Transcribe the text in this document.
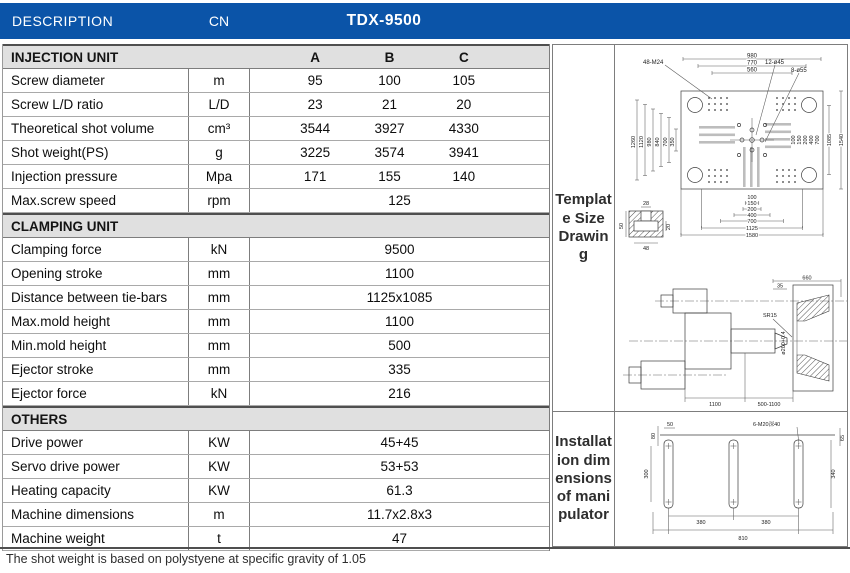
DESCRIPTION	CN	TDX-9500
INJECTION UNIT	A	B	C
Screw diameter	m	95	100	105
Screw L/D ratio	L/D	23	21	20
Theoretical shot volume	cm³	3544	3927	4330
Shot weight(PS)	g	3225	3574	3941
Injection pressure	Mpa	171	155	140
Max.screw speed	rpm	125
CLAMPING UNIT
Clamping force	kN	9500
Opening stroke	mm	1100
Distance between tie-bars	mm	1125x1085
Max.mold height	mm	1100
Min.mold height	mm	500
Ejector stroke	mm	335
Ejector force	kN	216
OTHERS
Drive power	KW	45+45
Servo drive power	KW	53+53
Heating capacity	KW	61.3
Machine dimensions	m	11.7x2.8x3
Machine weight	t	47
Template Size Drawing
980
770
560
48-M24	12-ø45
8-ø55
1260 1120 980 840 700 350	100 150 200 400 700 1085 1540
100
150
200
400
700
1125
1580
28
50	20
48
660
35
SR15
ø200+0.4
1100	500-1100
Installation dimensions of manipulator
80
50
65
300	340
6-M20深40
380	380
810
The shot weight is based on polystyene at specific gravity of 1.05
